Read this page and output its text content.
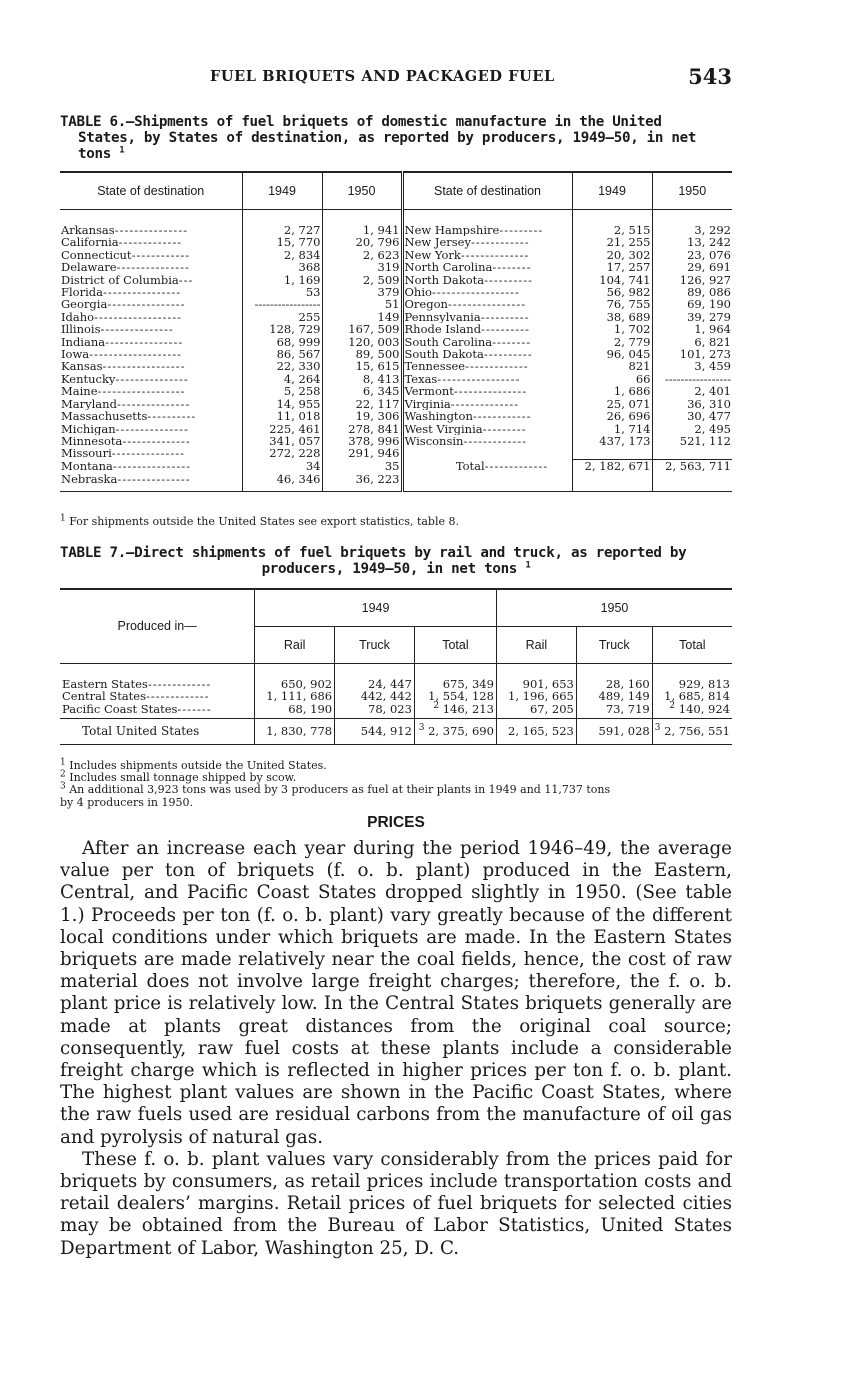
FUEL BRIQUETS AND PACKAGED FUEL	543
TABLE 6.—Shipments of fuel briquets of domestic manufacture in the United
States, by States of destination, as reported by producers, 1949–50, in net
tons $^1$
State of destination	1949	1950	State of destination	1949	1950
Arkansas---------------	2, 727	1, 941	New Hampshire---------	2, 515	3, 292
California-------------	15, 770	20, 796	New Jersey------------	21, 255	13, 242
Connecticut------------	2, 834	2, 623	New York--------------	20, 302	23, 076
Delaware---------------	368	319	North Carolina--------	17, 257	29, 691
District of Columbia---	1, 169	2, 509	North Dakota----------	104, 741	126, 927
Florida----------------	53	379	Ohio------------------	56, 982	89, 086
Georgia----------------	-----------------	51	Oregon----------------	76, 755	69, 190
Idaho------------------	255	149	Pennsylvania----------	38, 689	39, 279
Illinois---------------	128, 729	167, 509	Rhode Island----------	1, 702	1, 964
Indiana----------------	68, 999	120, 003	South Carolina--------	2, 779	6, 821
Iowa-------------------	86, 567	89, 500	South Dakota----------	96, 045	101, 273
Kansas-----------------	22, 330	15, 615	Tennessee-------------	821	3, 459
Kentucky---------------	4, 264	8, 413	Texas-----------------	66	-----------------
Maine------------------	5, 258	6, 345	Vermont---------------	1, 686	2, 401
Maryland---------------	14, 955	22, 117	Virginia--------------	25, 071	36, 310
Massachusetts----------	11, 018	19, 306	Washington------------	26, 696	30, 477
Michigan---------------	225, 461	278, 841	West Virginia---------	1, 714	2, 495
Minnesota--------------	341, 057	378, 996	Wisconsin-------------	437, 173	521, 112
Missouri---------------	272, 228	291, 946			
Montana----------------	34	35	Total-------------	2, 182, 671	2, 563, 711
Nebraska---------------	46, 346	36, 223			
$^1$ For shipments outside the United States see export statistics, table 8.
TABLE 7.—Direct shipments of fuel briquets by rail and truck, as reported by
producers, 1949–50, in net tons $^1$
Produced in—	1949			1950		
	Rail	Truck	Total	Rail	Truck	Total
Eastern States-------------	650, 902	24, 447	675, 349	901, 653	28, 160	929, 813
Central States-------------	1, 111, 686	442, 442	1, 554, 128	1, 196, 665	489, 149	1, 685, 814
Pacific Coast States-------	68, 190	78, 023	$^2$ 146, 213	67, 205	73, 719	$^2$ 140, 924
Total United States	1, 830, 778	544, 912	$^3$ 2, 375, 690	2, 165, 523	591, 028	$^3$ 2, 756, 551
$^1$ Includes shipments outside the United States.
$^2$ Includes small tonnage shipped by scow.
$^3$ An additional 3,923 tons was used by 3 producers as fuel at their plants in 1949 and 11,737 tons
by 4 producers in 1950.
PRICES

After an increase each year during the period 1946–49, the average value per ton of briquets (f. o. b. plant) produced in the Eastern, Central, and Pacific Coast States dropped slightly in 1950. (See table 1.) Proceeds per ton (f. o. b. plant) vary greatly because of the different local conditions under which briquets are made. In the Eastern States briquets are made relatively near the coal fields, hence, the cost of raw material does not involve large freight charges; therefore, the f. o. b. plant price is relatively low. In the Central States briquets generally are made at plants great distances from the original coal source; consequently, raw fuel costs at these plants include a considerable freight charge which is reflected in higher prices per ton f. o. b. plant. The highest plant values are shown in the Pacific Coast States, where the raw fuels used are residual carbons from the manufacture of oil gas and pyrolysis of natural gas.

These f. o. b. plant values vary considerably from the prices paid for briquets by consumers, as retail prices include transportation costs and retail dealers’ margins. Retail prices of fuel briquets for selected cities may be obtained from the Bureau of Labor Statistics, United States Department of Labor, Washington 25, D. C.
